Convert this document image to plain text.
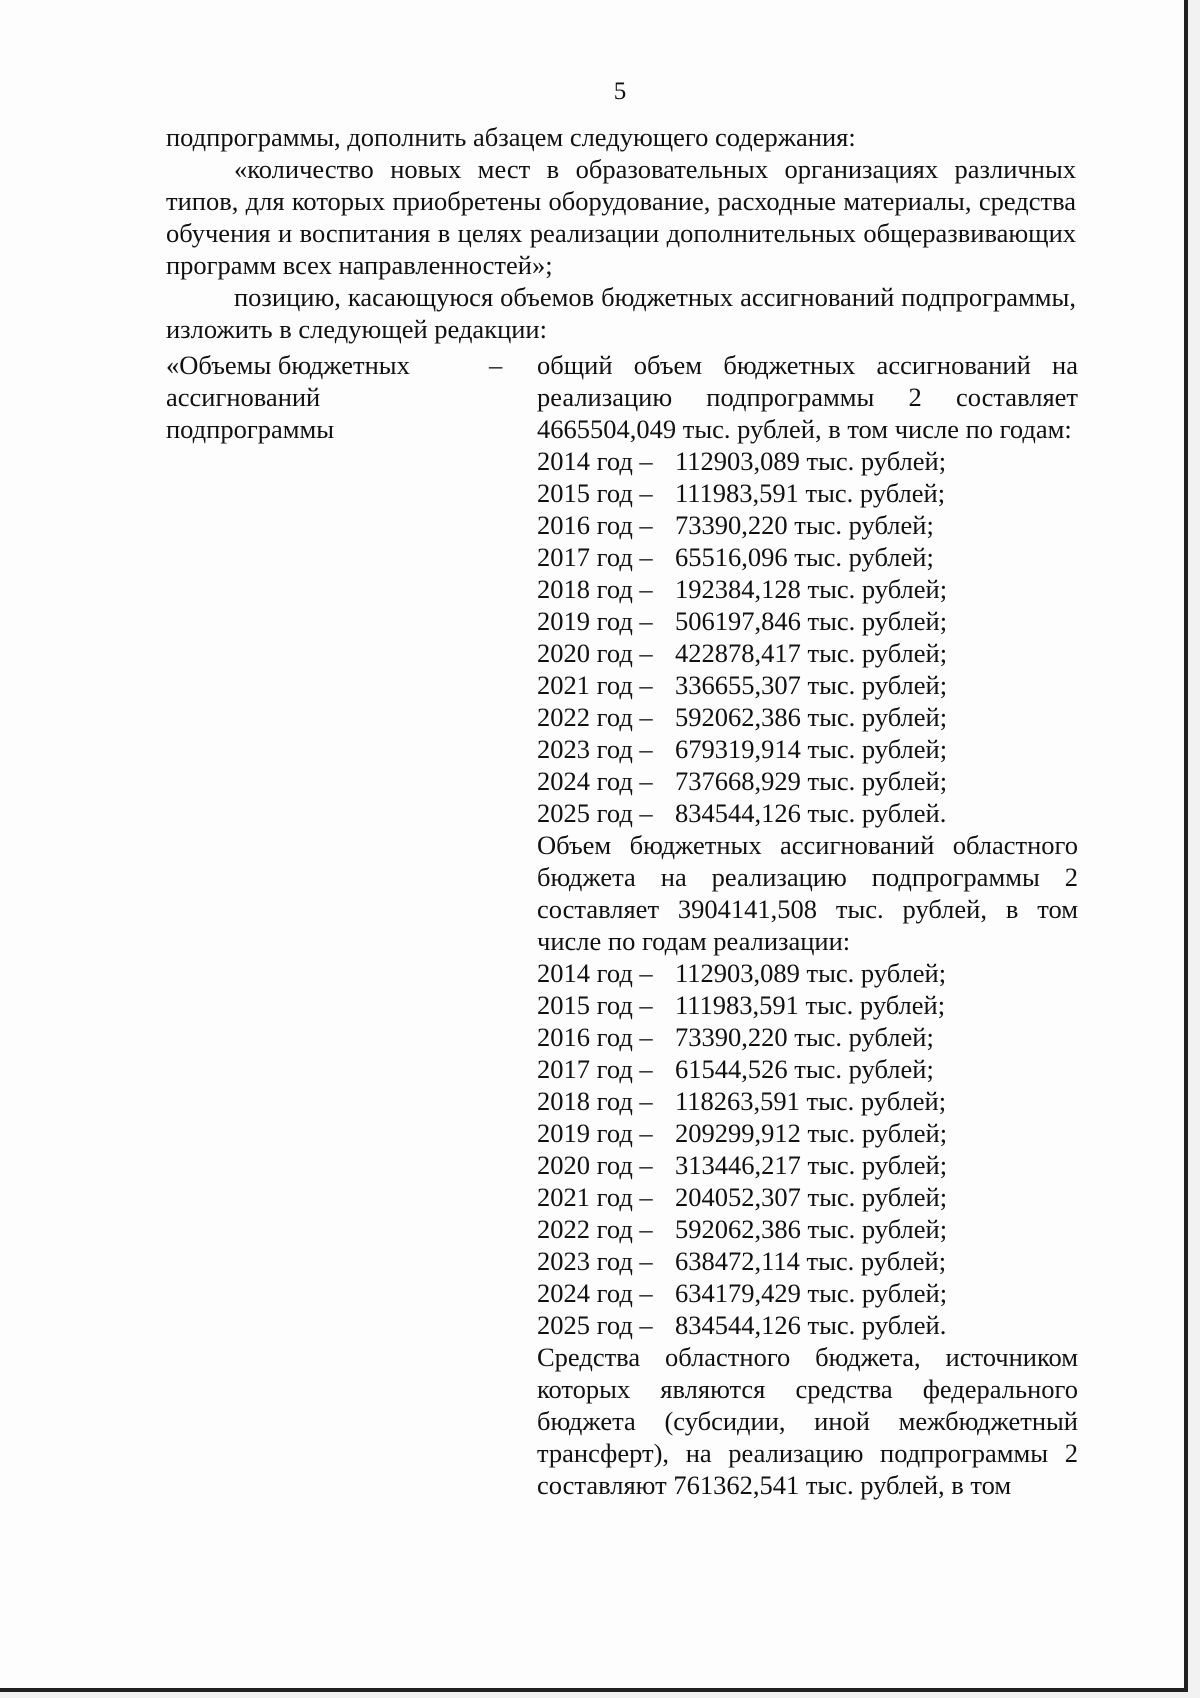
5

подпрограммы, дополнить абзацем следующего содержания:

«количество новых мест в образовательных организациях различных типов, для которых приобретены оборудование, расходные материалы, средства обучения и воспитания в целях реализации дополнительных общеразвивающих программ всех направленностей»;

позицию, касающуюся объемов бюджетных ассигнований подпрограммы, изложить в следующей редакции:

«Объемы бюджетных ассигнований подпрограммы
–	общий объем бюджетных ассигнований на реализацию подпрограммы 2 составляет 4665504,049 тыс. рублей, в том числе по годам:

2014 год – 112903,089 тыс. рублей;
2015 год – 111983,591 тыс. рублей;
2016 год – 73390,220 тыс. рублей;
2017 год – 65516,096 тыс. рублей;
2018 год – 192384,128 тыс. рублей;
2019 год – 506197,846 тыс. рублей;
2020 год – 422878,417 тыс. рублей;
2021 год – 336655,307 тыс. рублей;
2022 год – 592062,386 тыс. рублей;
2023 год – 679319,914 тыс. рублей;
2024 год – 737668,929 тыс. рублей;
2025 год – 834544,126 тыс. рублей.

Объем бюджетных ассигнований областного бюджета на реализацию подпрограммы 2 составляет 3904141,508 тыс. рублей, в том числе по годам реализации:

2014 год – 112903,089 тыс. рублей;
2015 год – 111983,591 тыс. рублей;
2016 год – 73390,220 тыс. рублей;
2017 год – 61544,526 тыс. рублей;
2018 год – 118263,591 тыс. рублей;
2019 год – 209299,912 тыс. рублей;
2020 год – 313446,217 тыс. рублей;
2021 год – 204052,307 тыс. рублей;
2022 год – 592062,386 тыс. рублей;
2023 год – 638472,114 тыс. рублей;
2024 год – 634179,429 тыс. рублей;
2025 год – 834544,126 тыс. рублей.

Средства областного бюджета, источником которых являются средства федерального бюджета (субсидии, иной межбюджетный трансферт), на реализацию подпрограммы 2 составляют 761362,541 тыс. рублей, в том
